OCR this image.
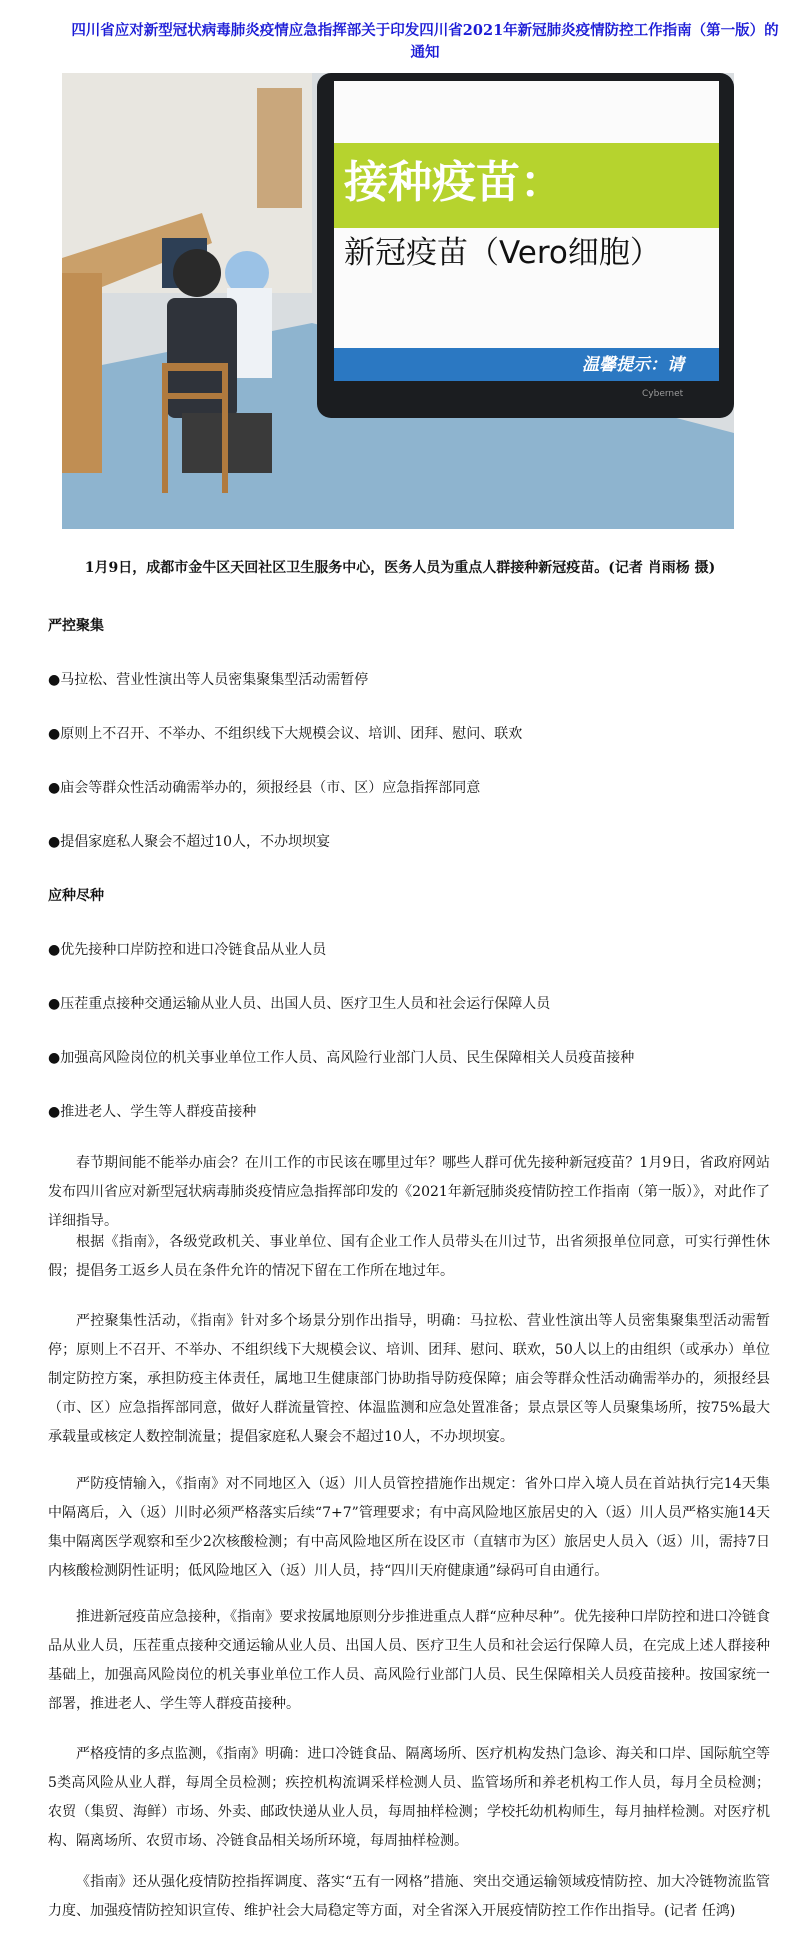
四川省应对新型冠状病毒肺炎疫情应急指挥部关于印发四川省2021年新冠肺炎疫情防控工作指南（第一版）的通知
接种疫苗：
新冠疫苗（Vero细胞）
温馨提示：请
Cybernet
1月9日，成都市金牛区天回社区卫生服务中心，医务人员为重点人群接种新冠疫苗。(记者 肖雨杨 摄)
严控聚集
●马拉松、营业性演出等人员密集聚集型活动需暂停
●原则上不召开、不举办、不组织线下大规模会议、培训、团拜、慰问、联欢
●庙会等群众性活动确需举办的，须报经县（市、区）应急指挥部同意
●提倡家庭私人聚会不超过10人，不办坝坝宴
应种尽种
●优先接种口岸防控和进口冷链食品从业人员
●压茬重点接种交通运输从业人员、出国人员、医疗卫生人员和社会运行保障人员
●加强高风险岗位的机关事业单位工作人员、高风险行业部门人员、民生保障相关人员疫苗接种
●推进老人、学生等人群疫苗接种
春节期间能不能举办庙会？在川工作的市民该在哪里过年？哪些人群可优先接种新冠疫苗？1月9日，省政府网站发布四川省应对新型冠状病毒肺炎疫情应急指挥部印发的《2021年新冠肺炎疫情防控工作指南（第一版）》，对此作了详细指导。
根据《指南》，各级党政机关、事业单位、国有企业工作人员带头在川过节，出省须报单位同意，可实行弹性休假；提倡务工返乡人员在条件允许的情况下留在工作所在地过年。
严控聚集性活动，《指南》针对多个场景分别作出指导，明确：马拉松、营业性演出等人员密集聚集型活动需暂停；原则上不召开、不举办、不组织线下大规模会议、培训、团拜、慰问、联欢，50人以上的由组织（或承办）单位制定防控方案，承担防疫主体责任，属地卫生健康部门协助指导防疫保障；庙会等群众性活动确需举办的，须报经县（市、区）应急指挥部同意，做好人群流量管控、体温监测和应急处置准备；景点景区等人员聚集场所，按75%最大承载量或核定人数控制流量；提倡家庭私人聚会不超过10人，不办坝坝宴。
严防疫情输入，《指南》对不同地区入（返）川人员管控措施作出规定：省外口岸入境人员在首站执行完14天集中隔离后，入（返）川时必须严格落实后续“7+7”管理要求；有中高风险地区旅居史的入（返）川人员严格实施14天集中隔离医学观察和至少2次核酸检测；有中高风险地区所在设区市（直辖市为区）旅居史人员入（返）川，需持7日内核酸检测阴性证明；低风险地区入（返）川人员，持“四川天府健康通”绿码可自由通行。
推进新冠疫苗应急接种，《指南》要求按属地原则分步推进重点人群“应种尽种”。优先接种口岸防控和进口冷链食品从业人员，压茬重点接种交通运输从业人员、出国人员、医疗卫生人员和社会运行保障人员，在完成上述人群接种基础上，加强高风险岗位的机关事业单位工作人员、高风险行业部门人员、民生保障相关人员疫苗接种。按国家统一部署，推进老人、学生等人群疫苗接种。
严格疫情的多点监测，《指南》明确：进口冷链食品、隔离场所、医疗机构发热门急诊、海关和口岸、国际航空等5类高风险从业人群，每周全员检测；疾控机构流调采样检测人员、监管场所和养老机构工作人员，每月全员检测；农贸（集贸、海鲜）市场、外卖、邮政快递从业人员，每周抽样检测；学校托幼机构师生，每月抽样检测。对医疗机构、隔离场所、农贸市场、冷链食品相关场所环境，每周抽样检测。
《指南》还从强化疫情防控指挥调度、落实“五有一网格”措施、突出交通运输领域疫情防控、加大冷链物流监管力度、加强疫情防控知识宣传、维护社会大局稳定等方面，对全省深入开展疫情防控工作作出指导。(记者 任鸿)
